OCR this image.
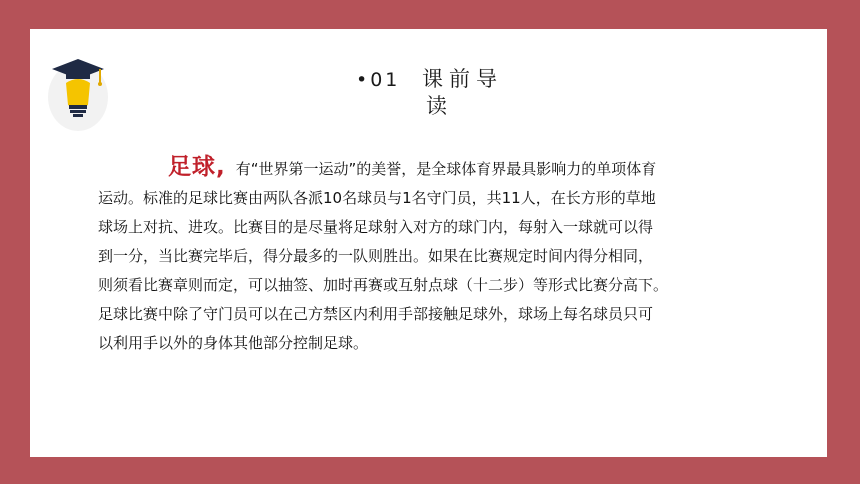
•01	课前导
读
足球, 有“世界第一运动”的美誉，是全球体育界最具影响力的单项体育
运动。标准的足球比赛由两队各派10名球员与1名守门员，共11人，在长方形的草地
球场上对抗、进攻。比赛目的是尽量将足球射入对方的球门内，每射入一球就可以得
到一分，当比赛完毕后，得分最多的一队则胜出。如果在比赛规定时间内得分相同，
则须看比赛章则而定，可以抽签、加时再赛或互射点球（十二步）等形式比赛分高下。
足球比赛中除了守门员可以在己方禁区内利用手部接触足球外，球场上每名球员只可
以利用手以外的身体其他部分控制足球。
